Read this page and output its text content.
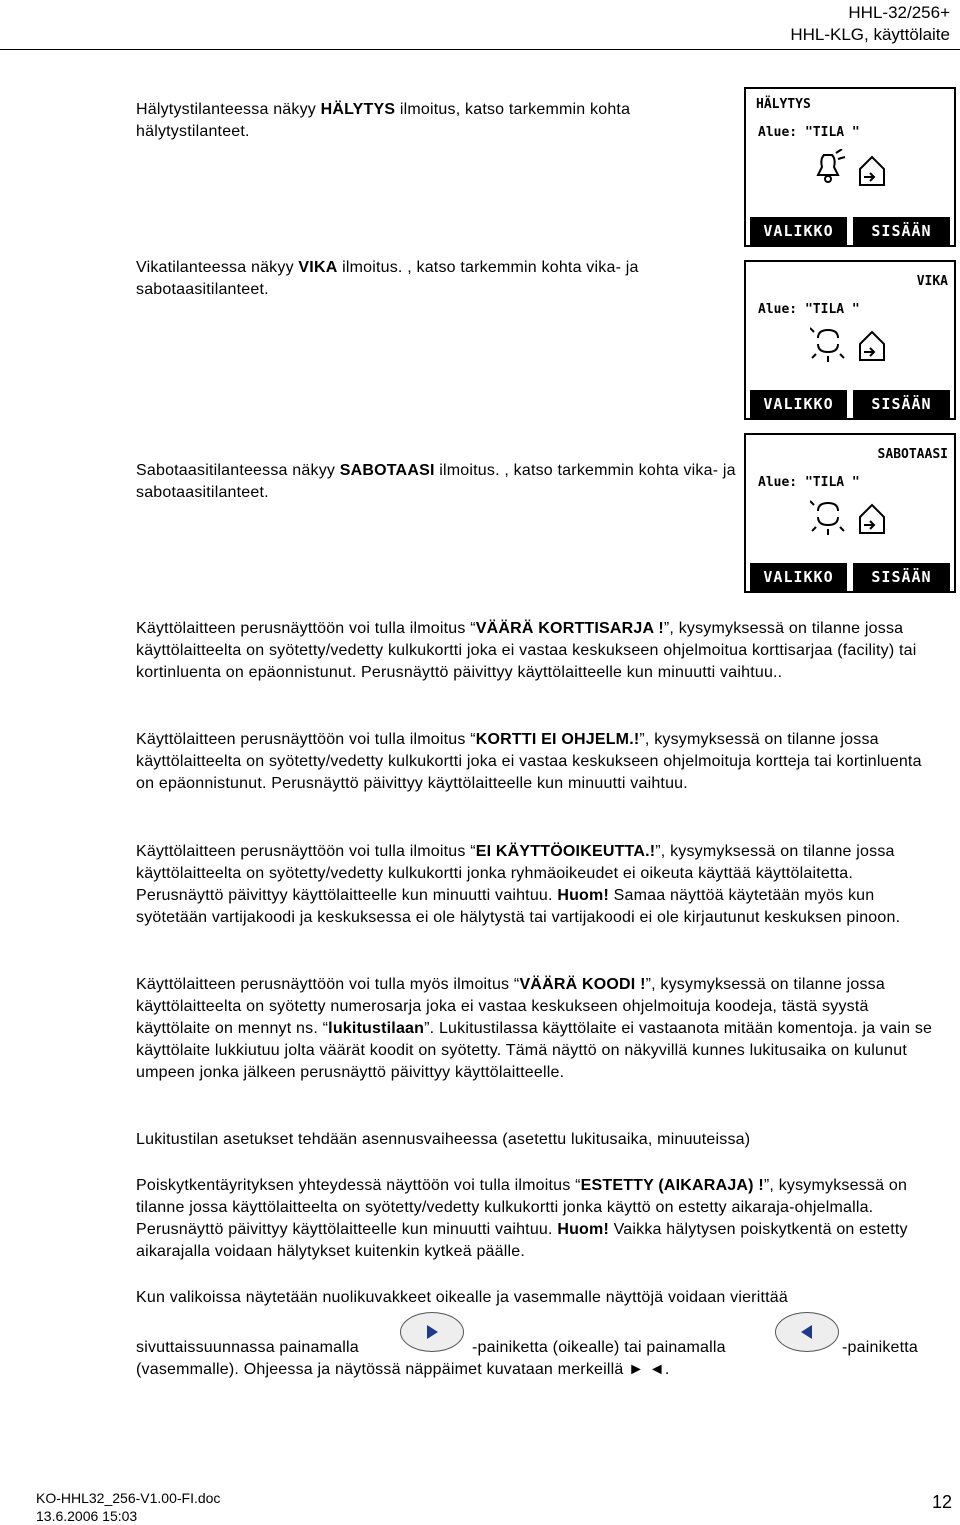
HHL-32/256+
HHL-KLG, käyttölaite
Hälytystilanteessa näkyy HÄLYTYS ilmoitus, katso tarkemmin kohta hälytystilanteet.
HÄLYTYS
Alue: "TILA "
VALIKKO	SISÄÄN
Vikatilanteessa näkyy VIKA ilmoitus. , katso tarkemmin kohta vika- ja sabotaasitilanteet.	VIKA
Alue: "TILA "
VALIKKO	SISÄÄN
Sabotaasitilanteessa näkyy SABOTAASI ilmoitus. , katso tarkemmin kohta vika- ja sabotaasitilanteet.
SABOTAASI
Alue: "TILA "
VALIKKO	SISÄÄN
Käyttölaitteen perusnäyttöön voi tulla ilmoitus “VÄÄRÄ KORTTISARJA !”, kysymyksessä on tilanne jossa käyttölaitteelta on syötetty/vedetty kulkukortti joka ei vastaa keskukseen ohjelmoitua korttisarjaa (facility) tai kortinluenta on epäonnistunut. Perusnäyttö päivittyy käyttölaitteelle kun minuutti vaihtuu..
Käyttölaitteen perusnäyttöön voi tulla ilmoitus “KORTTI EI OHJELM.!”, kysymyksessä on tilanne jossa käyttölaitteelta on syötetty/vedetty kulkukortti joka ei vastaa keskukseen ohjelmoituja kortteja tai kortinluenta on epäonnistunut. Perusnäyttö päivittyy käyttölaitteelle kun minuutti vaihtuu.
Käyttölaitteen perusnäyttöön voi tulla ilmoitus “EI KÄYTTÖOIKEUTTA.!”, kysymyksessä on tilanne jossa käyttölaitteelta on syötetty/vedetty kulkukortti jonka ryhmäoikeudet ei oikeuta käyttää käyttölaitetta. Perusnäyttö päivittyy käyttölaitteelle kun minuutti vaihtuu. Huom! Samaa näyttöä käytetään myös kun syötetään vartijakoodi ja keskuksessa ei ole hälytystä tai vartijakoodi ei ole kirjautunut keskuksen pinoon.
Käyttölaitteen perusnäyttöön voi tulla myös ilmoitus “VÄÄRÄ KOODI !”, kysymyksessä on tilanne jossa käyttölaitteelta on syötetty numerosarja joka ei vastaa keskukseen ohjelmoituja koodeja, tästä syystä käyttölaite on mennyt ns. “lukitustilaan”. Lukitustilassa käyttölaite ei vastaanota mitään komentoja. ja vain se käyttölaite lukkiutuu jolta väärät koodit on syötetty. Tämä näyttö on näkyvillä kunnes lukitusaika on kulunut umpeen jonka jälkeen perusnäyttö päivittyy käyttölaitteelle.
Lukitustilan asetukset tehdään asennusvaiheessa (asetettu lukitusaika, minuuteissa)
Poiskytkentäyrityksen yhteydessä näyttöön voi tulla ilmoitus “ESTETTY (AIKARAJA) !”, kysymyksessä on tilanne jossa käyttölaitteelta on syötetty/vedetty kulkukortti jonka käyttö on estetty aikaraja-ohjelmalla. Perusnäyttö päivittyy käyttölaitteelle kun minuutti vaihtuu. Huom! Vaikka hälytysen poiskytkentä on estetty aikarajalla voidaan hälytykset kuitenkin kytkeä päälle.
Kun valikoissa näytetään nuolikuvakkeet oikealle ja vasemmalle näyttöjä voidaan vierittää
sivuttaissuunnassa painamalla	-painiketta (oikealle) tai painamalla	-painiketta
(vasemmalle). Ohjeessa ja näytössä näppäimet kuvataan merkeillä ► ◄.
KO-HHL32_256-V1.00-FI.doc
13.6.2006 15:03
12
